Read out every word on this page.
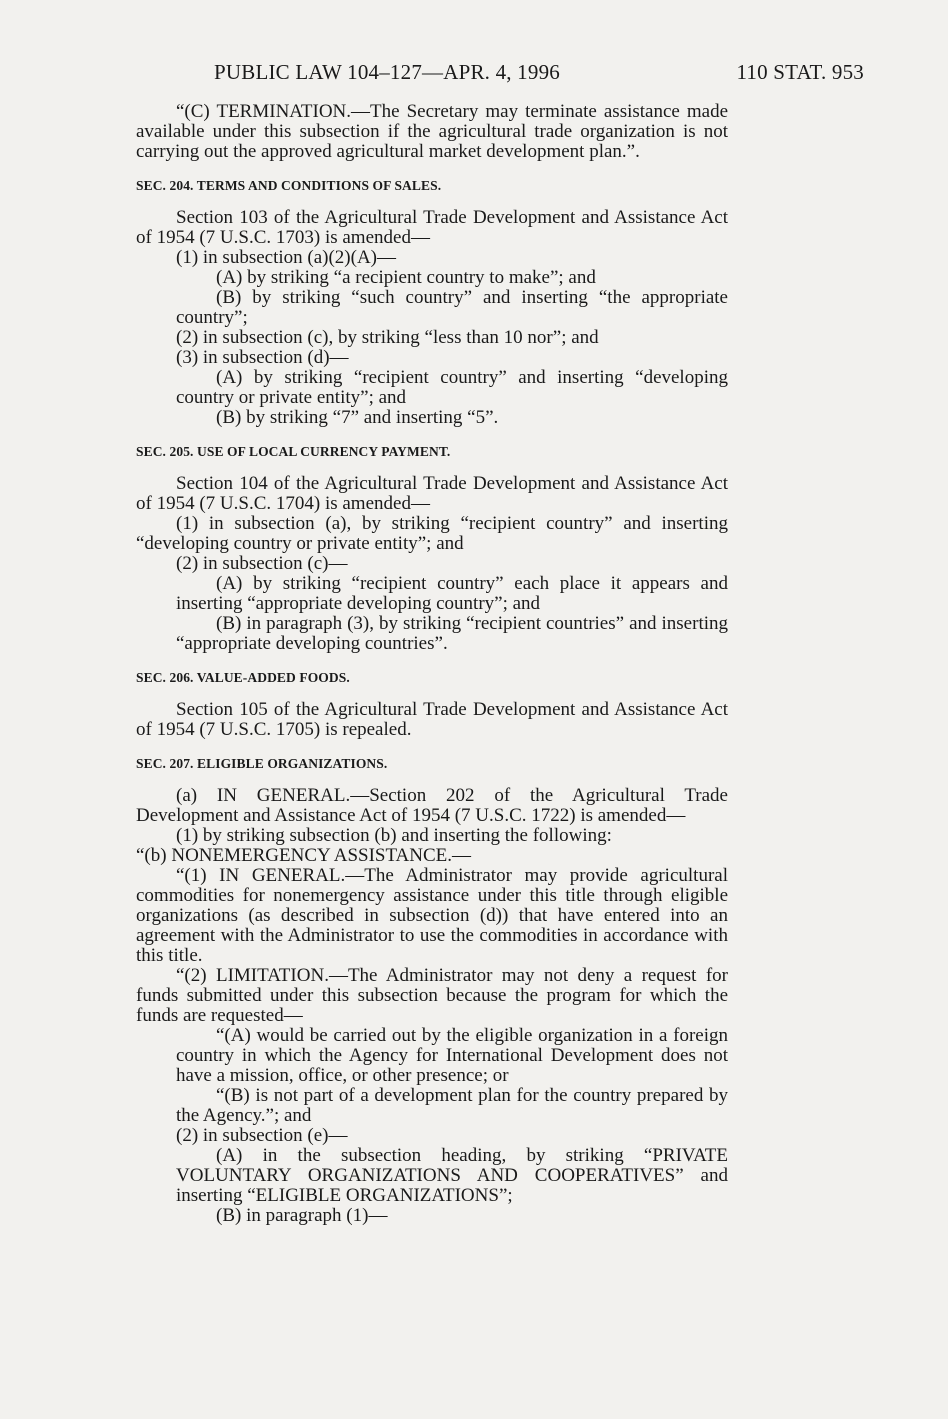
PUBLIC LAW 104–127—APR. 4, 1996	110 STAT. 953

“(C) TERMINATION.—The Secretary may terminate assistance made available under this subsection if the agricultural trade organization is not carrying out the approved agricultural market development plan.”.

SEC. 204. TERMS AND CONDITIONS OF SALES.

Section 103 of the Agricultural Trade Development and Assistance Act of 1954 (7 U.S.C. 1703) is amended—

(1) in subsection (a)(2)(A)—

(A) by striking “a recipient country to make”; and

(B) by striking “such country” and inserting “the appropriate country”;

(2) in subsection (c), by striking “less than 10 nor”; and

(3) in subsection (d)—

(A) by striking “recipient country” and inserting “developing country or private entity”; and

(B) by striking “7” and inserting “5”.

SEC. 205. USE OF LOCAL CURRENCY PAYMENT.

Section 104 of the Agricultural Trade Development and Assistance Act of 1954 (7 U.S.C. 1704) is amended—

(1) in subsection (a), by striking “recipient country” and inserting “developing country or private entity”; and

(2) in subsection (c)—

(A) by striking “recipient country” each place it appears and inserting “appropriate developing country”; and

(B) in paragraph (3), by striking “recipient countries” and inserting “appropriate developing countries”.

SEC. 206. VALUE-ADDED FOODS.

Section 105 of the Agricultural Trade Development and Assistance Act of 1954 (7 U.S.C. 1705) is repealed.

SEC. 207. ELIGIBLE ORGANIZATIONS.

(a) IN GENERAL.—Section 202 of the Agricultural Trade Development and Assistance Act of 1954 (7 U.S.C. 1722) is amended—

(1) by striking subsection (b) and inserting the following:

“(b) NONEMERGENCY ASSISTANCE.—

“(1) IN GENERAL.—The Administrator may provide agricultural commodities for nonemergency assistance under this title through eligible organizations (as described in subsection (d)) that have entered into an agreement with the Administrator to use the commodities in accordance with this title.

“(2) LIMITATION.—The Administrator may not deny a request for funds submitted under this subsection because the program for which the funds are requested—

“(A) would be carried out by the eligible organization in a foreign country in which the Agency for International Development does not have a mission, office, or other presence; or

“(B) is not part of a development plan for the country prepared by the Agency.”; and

(2) in subsection (e)—

(A) in the subsection heading, by striking “PRIVATE VOLUNTARY ORGANIZATIONS AND COOPERATIVES” and inserting “ELIGIBLE ORGANIZATIONS”;

(B) in paragraph (1)—
